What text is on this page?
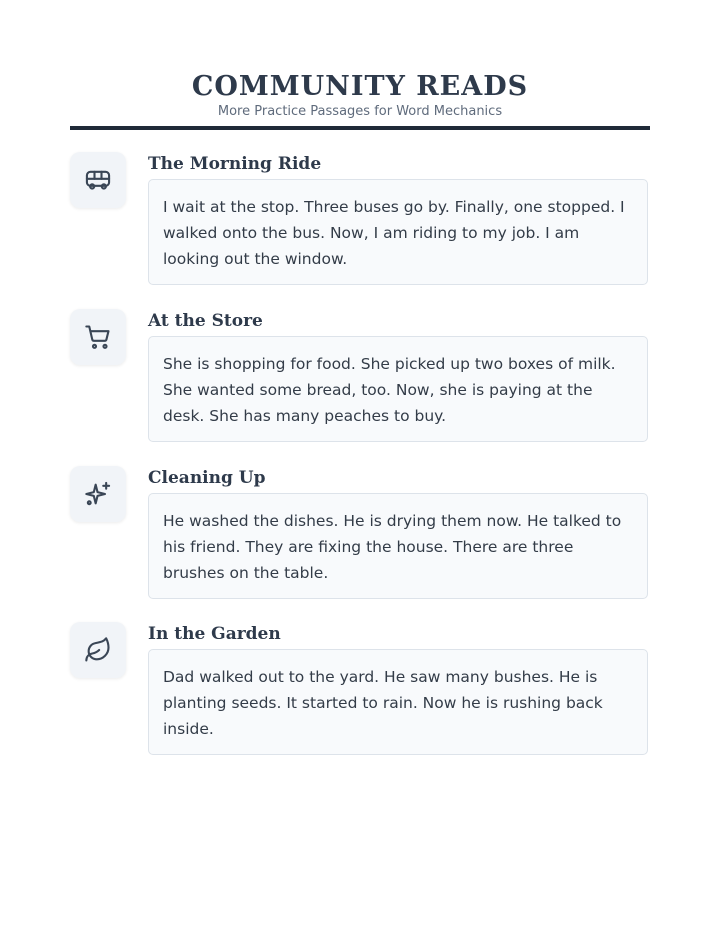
COMMUNITY READS
More Practice Passages for Word Mechanics
The Morning Ride
I wait at the stop. Three buses go by. Finally, one stopped. I walked onto the bus. Now, I am riding to my job. I am looking out the window.
At the Store
She is shopping for food. She picked up two boxes of milk. She wanted some bread, too. Now, she is paying at the desk. She has many peaches to buy.
Cleaning Up
He washed the dishes. He is drying them now. He talked to his friend. They are fixing the house. There are three brushes on the table.
In the Garden
Dad walked out to the yard. He saw many bushes. He is planting seeds. It started to rain. Now he is rushing back inside.
